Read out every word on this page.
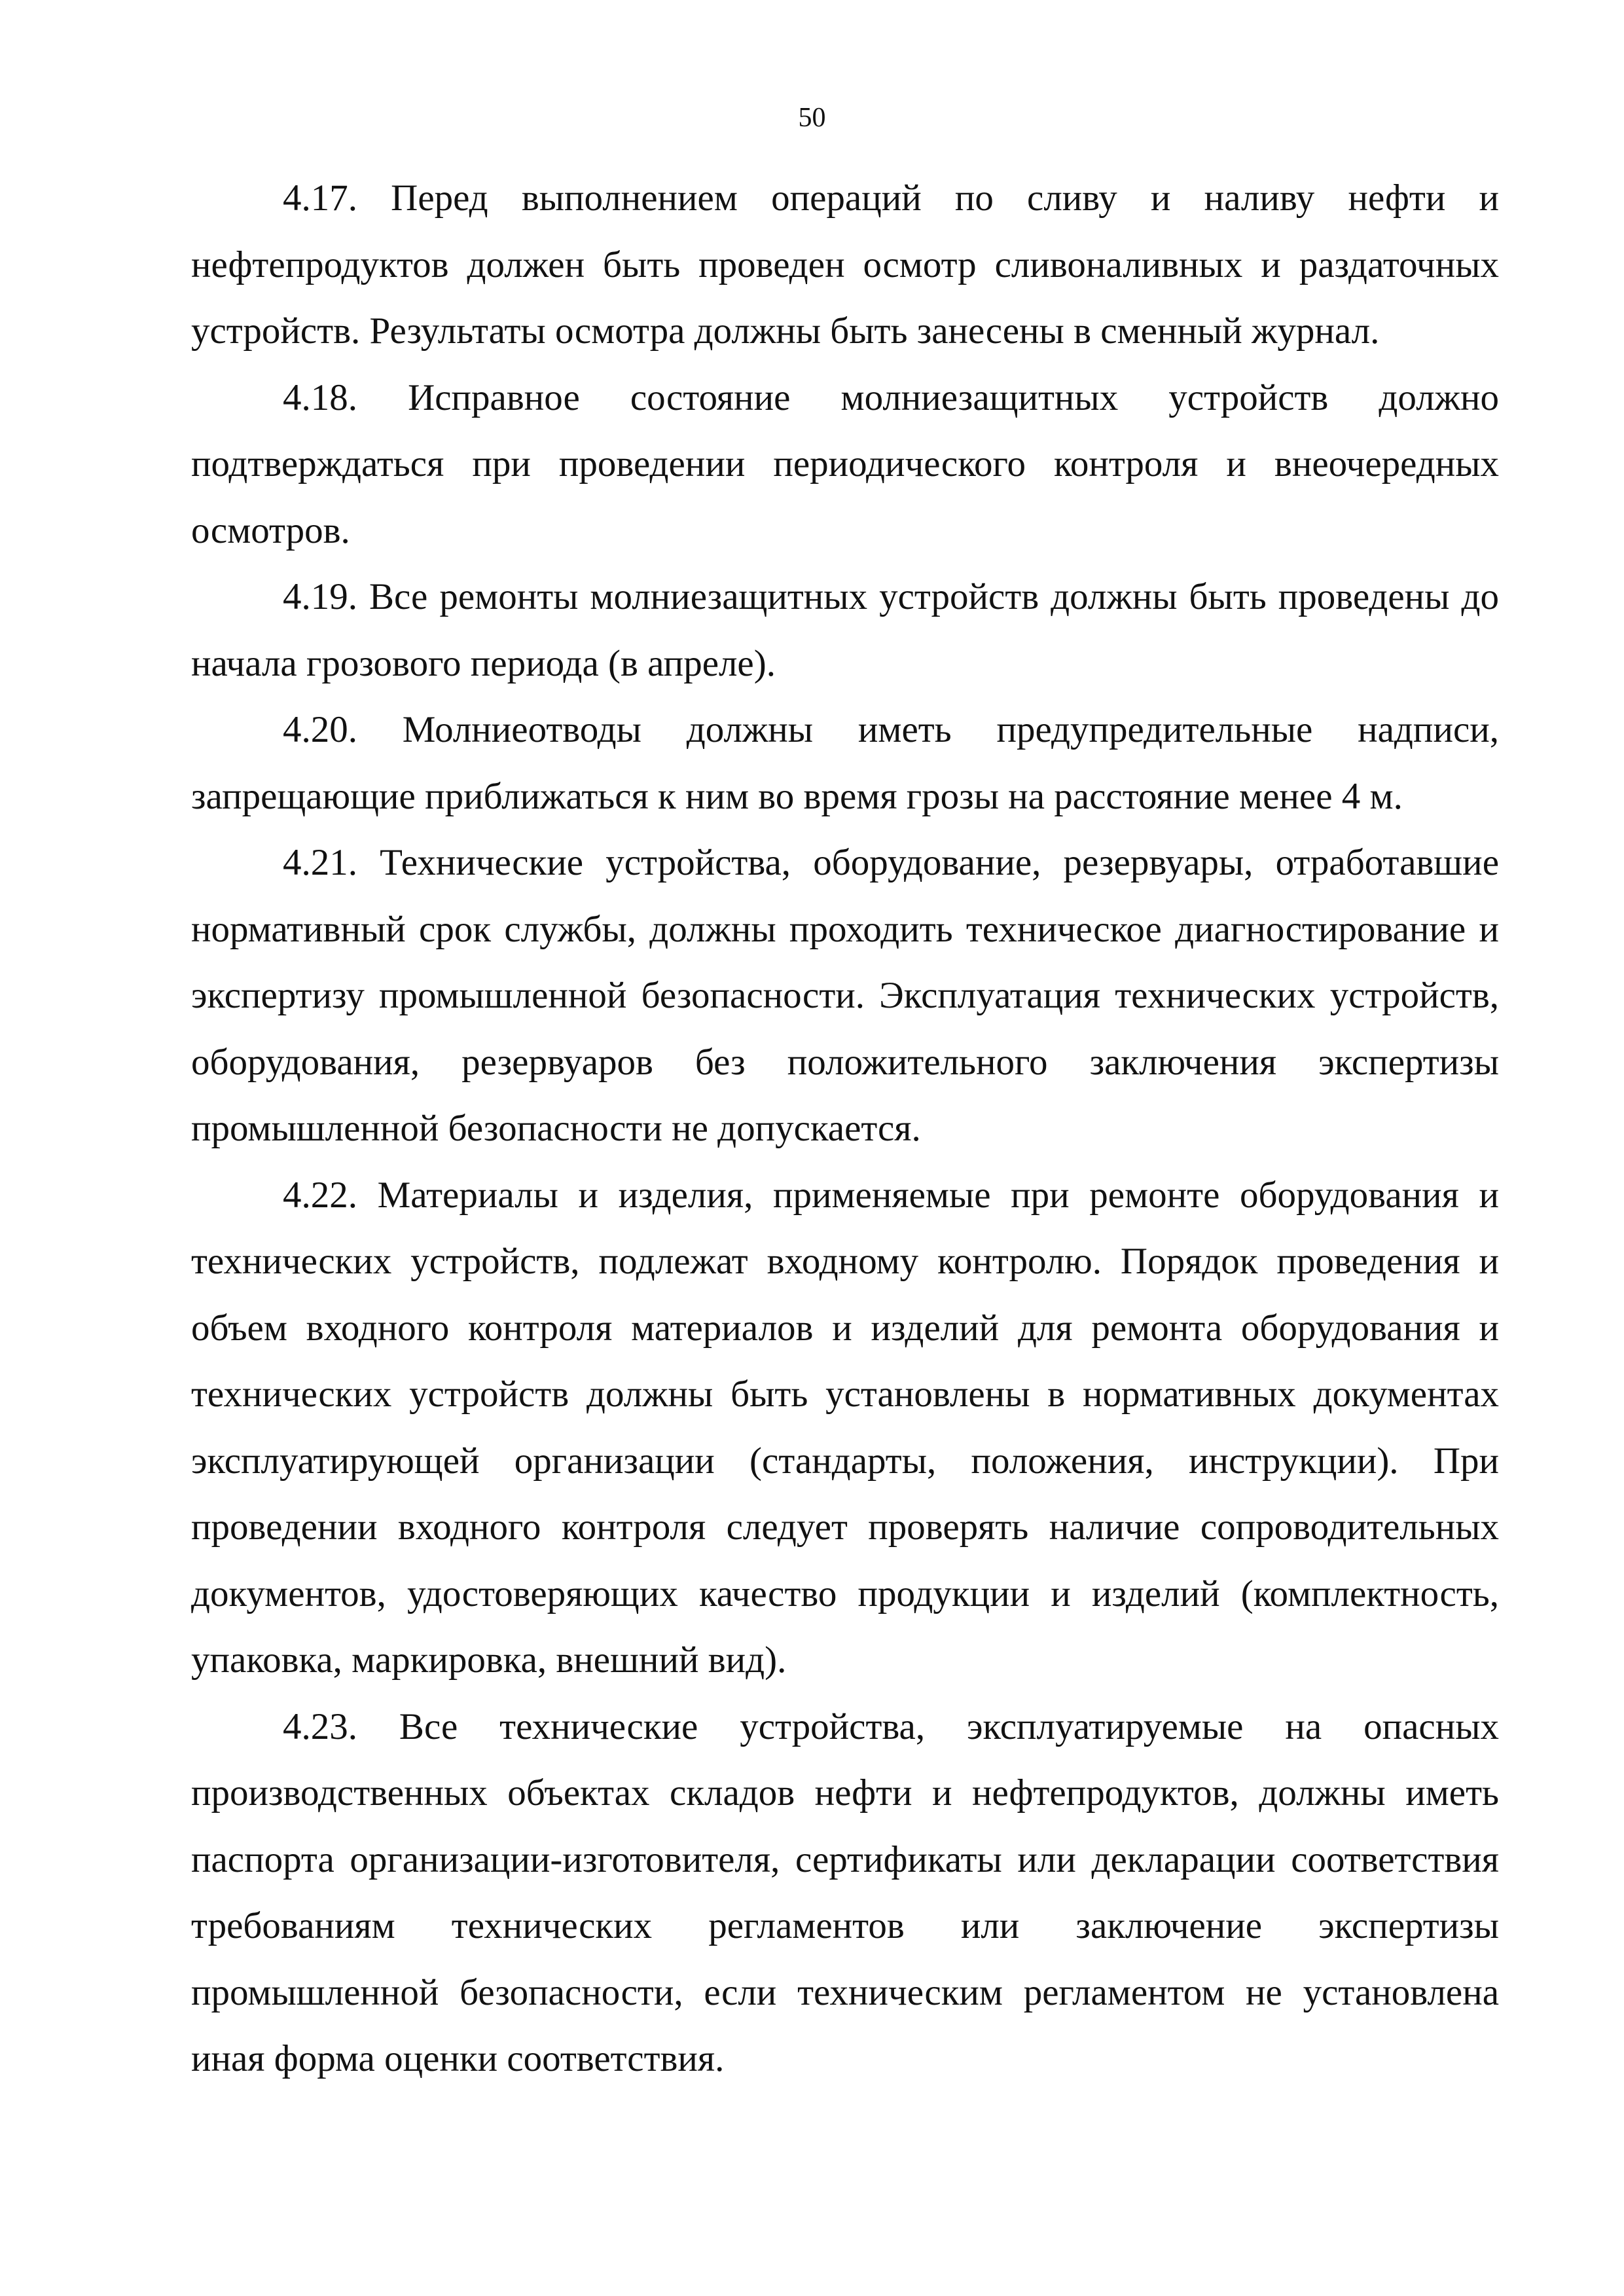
50

4.17. Перед выполнением операций по сливу и наливу нефти и нефтепродуктов должен быть проведен осмотр сливоналивных и раздаточных устройств. Результаты осмотра должны быть занесены в сменный журнал.

4.18. Исправное состояние молниезащитных устройств должно подтверждаться при проведении периодического контроля и внеочередных осмотров.

4.19. Все ремонты молниезащитных устройств должны быть проведены до начала грозового периода (в апреле).

4.20. Молниеотводы должны иметь предупредительные надписи, запрещающие приближаться к ним во время грозы на расстояние менее 4 м.

4.21. Технические устройства, оборудование, резервуары, отработавшие нормативный срок службы, должны проходить техническое диагностирование и экспертизу промышленной безопасности. Эксплуатация технических устройств, оборудования, резервуаров без положительного заключения экспертизы промышленной безопасности не допускается.

4.22. Материалы и изделия, применяемые при ремонте оборудования и технических устройств, подлежат входному контролю. Порядок проведения и объем входного контроля материалов и изделий для ремонта оборудования и технических устройств должны быть установлены в нормативных документах эксплуатирующей организации (стандарты, положения, инструкции). При проведении входного контроля следует проверять наличие сопроводительных документов, удостоверяющих качество продукции и изделий (комплектность, упаковка, маркировка, внешний вид).

4.23. Все технические устройства, эксплуатируемые на опасных производственных объектах складов нефти и нефтепродуктов, должны иметь паспорта организации-изготовителя, сертификаты или декларации соответствия требованиям технических регламентов или заключение экспертизы промышленной безопасности, если техническим регламентом не установлена иная форма оценки соответствия.
